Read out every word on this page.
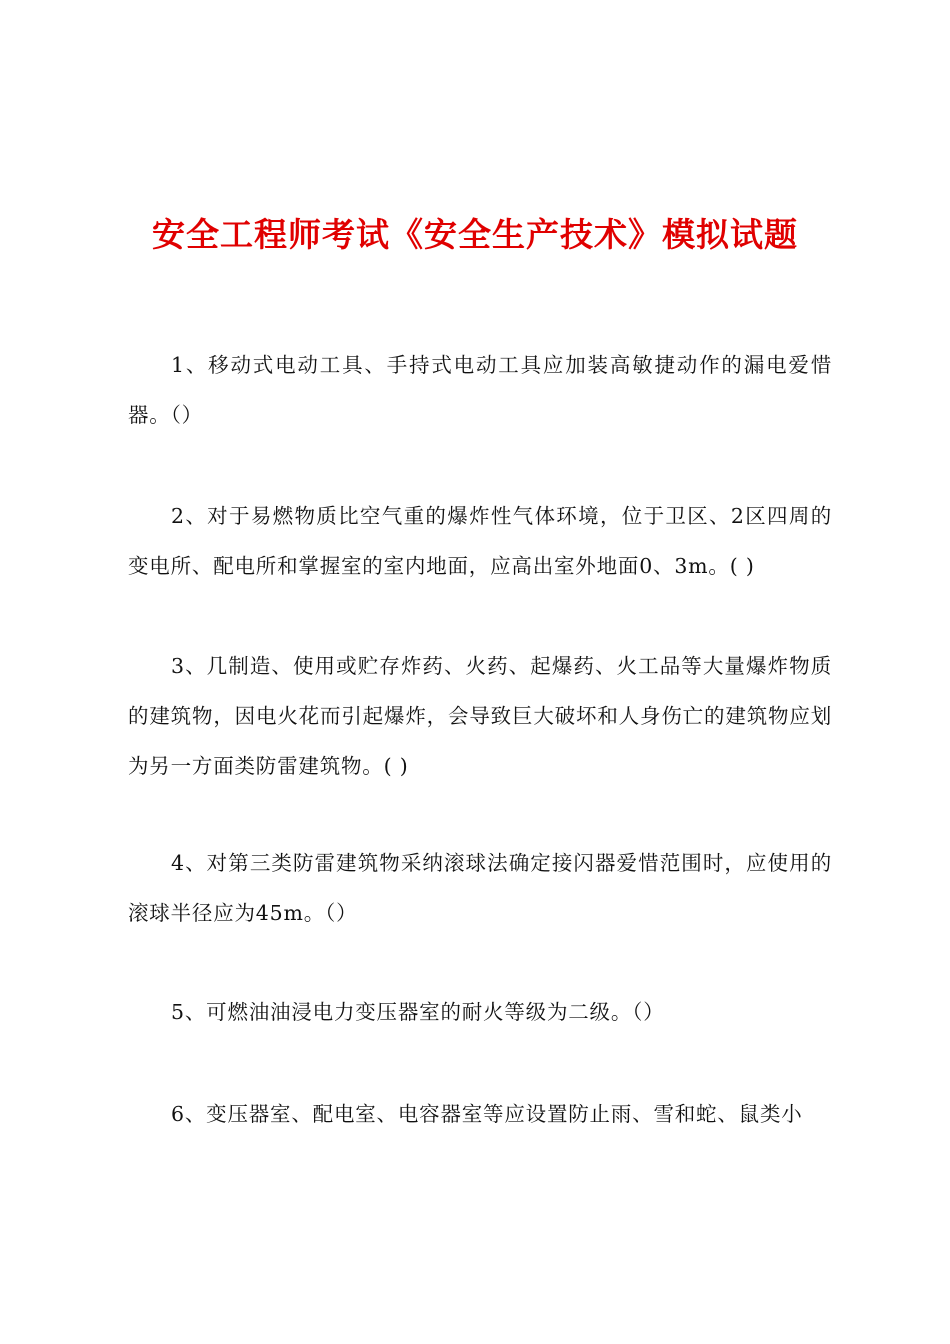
安全工程师考试《安全生产技术》模拟试题

1、移动式电动工具、手持式电动工具应加装高敏捷动作的漏电爱惜器。（）

2、对于易燃物质比空气重的爆炸性气体环境，位于卫区、2区四周的变电所、配电所和掌握室的室内地面，应高出室外地面0、3m。( )

3、几制造、使用或贮存炸药、火药、起爆药、火工品等大量爆炸物质的建筑物，因电火花而引起爆炸，会导致巨大破坏和人身伤亡的建筑物应划为另一方面类防雷建筑物。( )

4、对第三类防雷建筑物采纳滚球法确定接闪器爱惜范围时，应使用的滚球半径应为45m。（）

5、可燃油油浸电力变压器室的耐火等级为二级。（）

6、变压器室、配电室、电容器室等应设置防止雨、雪和蛇、鼠类小
